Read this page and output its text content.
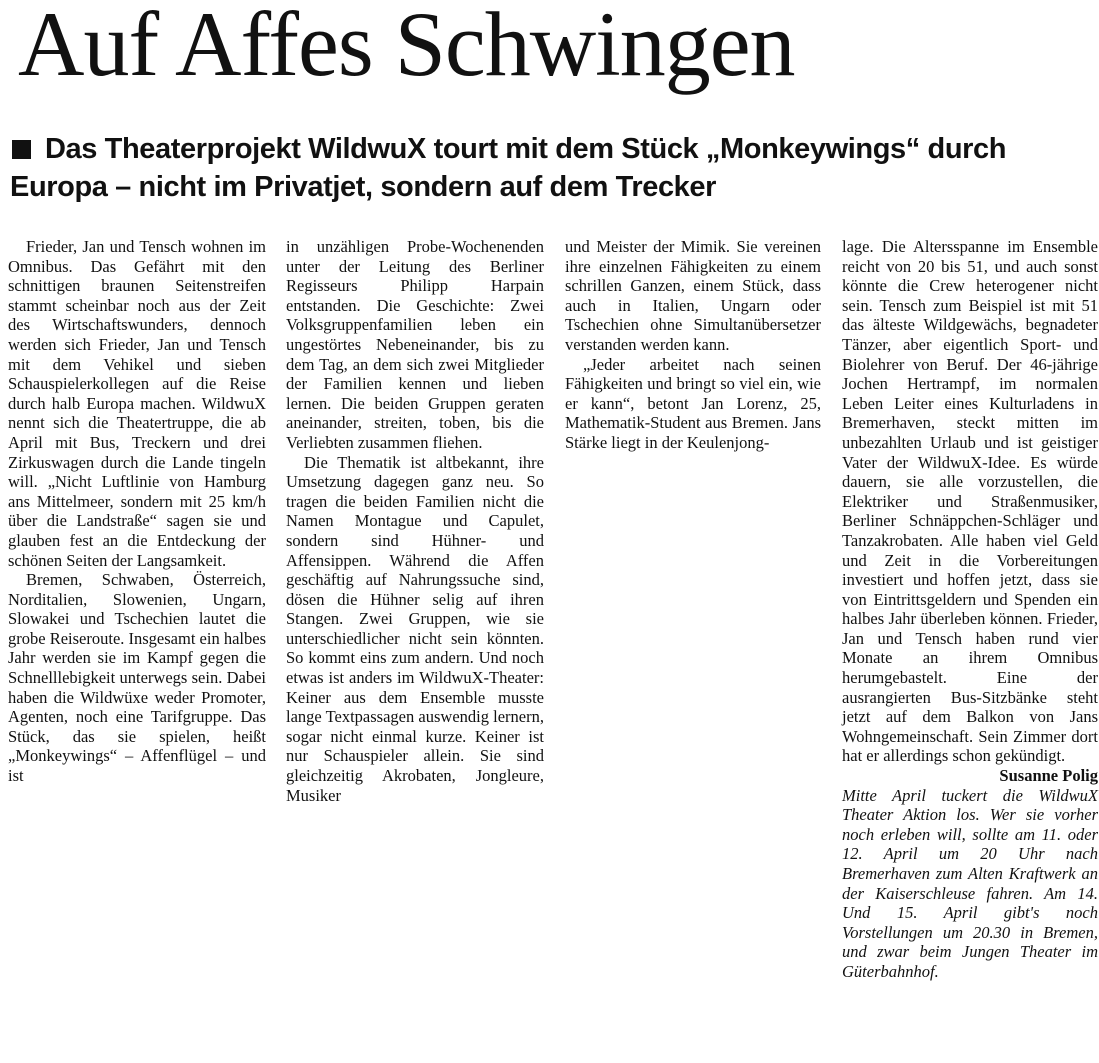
Auf Affes Schwingen
Das Theaterprojekt WildwuX tourt mit dem Stück „Monkeywings“ durch Europa – nicht im Privatjet, sondern auf dem Trecker

Frieder, Jan und Tensch wohnen im Omnibus. Das Gefährt mit den schnittigen braunen Seitenstreifen stammt scheinbar noch aus der Zeit des Wirtschaftswunders, dennoch werden sich Frieder, Jan und Tensch mit dem Vehikel und sieben Schauspielerkollegen auf die Reise durch halb Europa machen. WildwuX nennt sich die Theatertruppe, die ab April mit Bus, Treckern und drei Zirkuswagen durch die Lande tingeln will. „Nicht Luftlinie von Hamburg ans Mittelmeer, sondern mit 25 km/h über die Landstraße“ sagen sie und glauben fest an die Entdeckung der schönen Seiten der Langsamkeit.

Bremen, Schwaben, Österreich, Norditalien, Slowenien, Ungarn, Slowakei und Tschechien lautet die grobe Reiseroute. Insgesamt ein halbes Jahr werden sie im Kampf gegen die Schnelllebigkeit unterwegs sein. Dabei haben die Wildwüxe weder Promoter, Agenten, noch eine Tarifgruppe. Das Stück, das sie spielen, heißt „Monkeywings“ – Affenflügel – und ist

in unzähligen Probe-Wochenenden unter der Leitung des Berliner Regisseurs Philipp Harpain entstanden. Die Geschichte: Zwei Volksgruppenfamilien leben ein ungestörtes Nebeneinander, bis zu dem Tag, an dem sich zwei Mitglieder der Familien kennen und lieben lernen. Die beiden Gruppen geraten aneinander, streiten, toben, bis die Verliebten zusammen fliehen.

Die Thematik ist altbekannt, ihre Umsetzung dagegen ganz neu. So tragen die beiden Familien nicht die Namen Montague und Capulet, sondern sind Hühner- und Affensippen. Während die Affen geschäftig auf Nahrungssuche sind, dösen die Hühner selig auf ihren Stangen. Zwei Gruppen, wie sie unterschiedlicher nicht sein könnten. So kommt eins zum andern. Und noch etwas ist anders im WildwuX-Theater: Keiner aus dem Ensemble musste lange Textpassagen auswendig lernern, sogar nicht einmal kurze. Keiner ist nur Schauspieler allein. Sie sind gleichzeitig Akrobaten, Jongleure, Musiker

und Meister der Mimik. Sie vereinen ihre einzelnen Fähigkeiten zu einem schrillen Ganzen, einem Stück, dass auch in Italien, Ungarn oder Tschechien ohne Simultanübersetzer verstanden werden kann.

„Jeder arbeitet nach seinen Fähigkeiten und bringt so viel ein, wie er kann“, betont Jan Lorenz, 25, Mathematik-Student aus Bremen. Jans Stärke liegt in der Keulenjong-

lage. Die Altersspanne im Ensemble reicht von 20 bis 51, und auch sonst könnte die Crew heterogener nicht sein. Tensch zum Beispiel ist mit 51 das älteste Wildgewächs, begnadeter Tänzer, aber eigentlich Sport- und Biolehrer von Beruf. Der 46-jährige Jochen Hertrampf, im normalen Leben Leiter eines Kulturladens in Bremerhaven, steckt mitten im unbezahlten Urlaub und ist geistiger Vater der WildwuX-Idee. Es würde dauern, sie alle vorzustellen, die Elektriker und Straßenmusiker, Berliner Schnäppchen-Schläger und Tanzakrobaten. Alle haben viel Geld und Zeit in die Vorbereitungen investiert und hoffen jetzt, dass sie von Eintrittsgeldern und Spenden ein halbes Jahr überleben können. Frieder, Jan und Tensch haben rund vier Monate an ihrem Omnibus herumgebastelt. Eine der ausrangierten Bus-Sitzbänke steht jetzt auf dem Balkon von Jans Wohngemeinschaft. Sein Zimmer dort hat er allerdings schon gekündigt.

Susanne Polig

Mitte April tuckert die WildwuX Theater Aktion los. Wer sie vorher noch erleben will, sollte am 11. oder 12. April um 20 Uhr nach Bremerhaven zum Alten Kraftwerk an der Kaiserschleuse fahren. Am 14. Und 15. April gibt's noch Vorstellungen um 20.30 in Bremen, und zwar beim Jungen Theater im Güterbahnhof.
